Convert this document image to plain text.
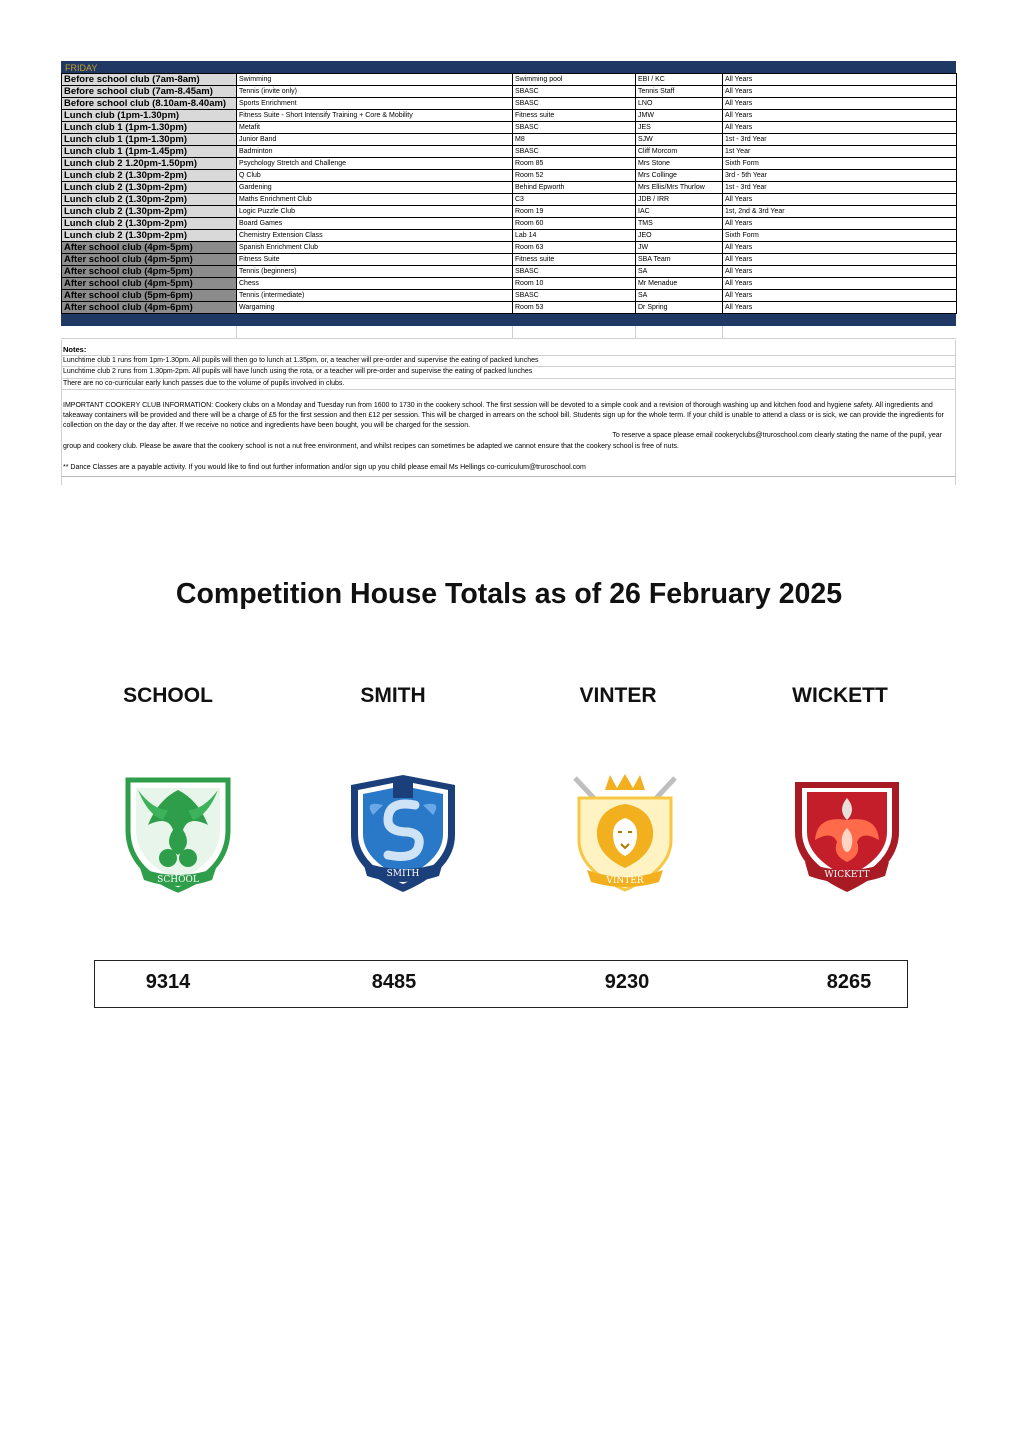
FRIDAY
Before school club (7am-8am)	Swimming	Swimming pool	EBI / KC	All Years
Before school club (7am-8.45am)	Tennis (invite only)	SBASC	Tennis Staff	All Years
Before school club (8.10am-8.40am)	Sports Enrichment	SBASC	LNO	All Years
Lunch club (1pm-1.30pm)	Fitness Suite - Short Intensify Training + Core & Mobility	Fitness suite	JMW	All Years
Lunch club 1 (1pm-1.30pm)	Metafit	SBASC	JES	All Years
Lunch club 1 (1pm-1.30pm)	Junior Band	M8	SJW	1st - 3rd Year
Lunch club 1 (1pm-1.45pm)	Badminton	SBASC	Cliff Morcom	1st Year
Lunch club 2 1.20pm-1.50pm)	Psychology Stretch and Challenge	Room 85	Mrs Stone	Sixth Form
Lunch club 2 (1.30pm-2pm)	Q Club	Room 52	Mrs Collinge	3rd - 5th Year
Lunch club 2 (1.30pm-2pm)	Gardening	Behind Epworth	Mrs Ellis/Mrs Thurlow	1st - 3rd Year
Lunch club 2 (1.30pm-2pm)	Maths Enrichment Club	C3	JDB / IRR	All Years
Lunch club 2 (1.30pm-2pm)	Logic Puzzle Club	Room 19	IAC	1st, 2nd & 3rd Year
Lunch club 2 (1.30pm-2pm)	Board Games	Room 60	TMS	All Years
Lunch club 2 (1.30pm-2pm)	Chemistry Extension Class	Lab 14	JEO	Sixth Form
After school club (4pm-5pm)	Spanish Enrichment Club	Room 63	JW	All Years
After school club (4pm-5pm)	Fitness Suite	Fitness suite	SBA Team	All Years
After school club (4pm-5pm)	Tennis (beginners)	SBASC	SA	All Years
After school club (4pm-5pm)	Chess	Room 10	Mr Menadue	All Years
After school club (5pm-6pm)	Tennis (intermediate)	SBASC	SA	All Years
After school club (4pm-6pm)	Wargaming	Room 53	Dr Spring	All Years
Notes:
Lunchtime club 1 runs from 1pm-1.30pm. All pupils will then go to lunch at 1.35pm, or, a teacher will pre-order and supervise the eating of packed lunches
Lunchtime club 2 runs from 1.30pm-2pm. All pupils will have lunch using the rota, or a teacher will pre-order and supervise the eating of packed lunches
There are no co-curricular early lunch passes due to the volume of pupils involved in clubs.
IMPORTANT COOKERY CLUB INFORMATION: Cookery clubs on a Monday and Tuesday run from 1600 to 1730 in the cookery school. The first session will be devoted to a simple cook and a revision of thorough washing up and kitchen food and hygiene safety. All ingredients and takeaway containers will be provided and there will be a charge of £5 for the first session and then £12 per session. This will be charged in arrears on the school bill. Students sign up for the whole term. If your child is unable to attend a class or is sick, we can provide the ingredients for collection on the day or the day after. If we receive no notice and ingredients have been bought, you will be charged for the session.
To reserve a space please email cookeryclubs@truroschool.com clearly stating the name of the pupil, year
group and cookery club. Please be aware that the cookery school is not a nut free environment, and whilst recipes can sometimes be adapted we cannot ensure that the cookery school is free of nuts.
** Dance Classes are a payable activity. If you would like to find out further information and/or sign up you child please email Ms Hellings co-curriculum@truroschool.com
Competition House Totals as of 26 February 2025
SCHOOL	SMITH	VINTER	WICKETT
SCHOOL
SMITH
VINTER
WICKETT
9314	8485	9230	8265
